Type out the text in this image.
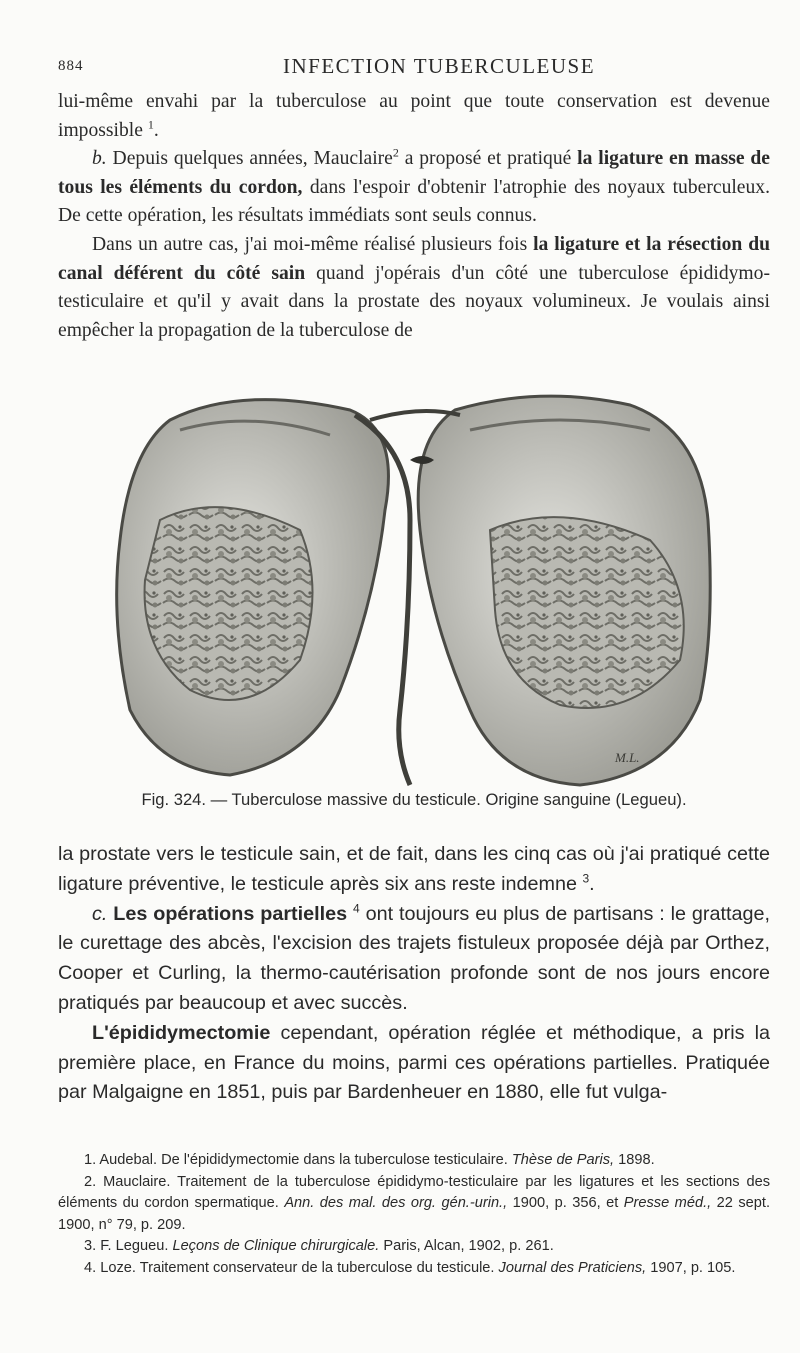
884	INFECTION TUBERCULEUSE

lui-même envahi par la tuberculose au point que toute conservation est devenue impossible $^1$.

b. Depuis quelques années, Mauclaire$^2$ a proposé et pratiqué la ligature en masse de tous les éléments du cordon, dans l'espoir d'obtenir l'atrophie des noyaux tuberculeux. De cette opération, les résultats immédiats sont seuls connus.

Dans un autre cas, j'ai moi-même réalisé plusieurs fois la ligature et la résection du canal déférent du côté sain quand j'opérais d'un côté une tuberculose épididymo-testiculaire et qu'il y avait dans la prostate des noyaux volumineux. Je voulais ainsi empêcher la propagation de la tuberculose de

M.L.
Fig. 324. — Tuberculose massive du testicule. Origine sanguine (Legueu).

la prostate vers le testicule sain, et de fait, dans les cinq cas où j'ai pratiqué cette ligature préventive, le testicule après six ans reste indemne $^3$.

c. Les opérations partielles $^4$ ont toujours eu plus de partisans : le grattage, le curettage des abcès, l'excision des trajets fistuleux proposée déjà par Orthez, Cooper et Curling, la thermo-cautérisation profonde sont de nos jours encore pratiqués par beaucoup et avec succès.

L'épididymectomie cependant, opération réglée et méthodique, a pris la première place, en France du moins, parmi ces opérations partielles. Pratiquée par Malgaigne en 1851, puis par Bardenheuer en 1880, elle fut vulga-

1. Audebal. De l'épididymectomie dans la tuberculose testiculaire. Thèse de Paris, 1898.

2. Mauclaire. Traitement de la tuberculose épididymo-testiculaire par les ligatures et les sections des éléments du cordon spermatique. Ann. des mal. des org. gén.-urin., 1900, p. 356, et Presse méd., 22 sept. 1900, n° 79, p. 209.

3. F. Legueu. Leçons de Clinique chirurgicale. Paris, Alcan, 1902, p. 261.

4. Loze. Traitement conservateur de la tuberculose du testicule. Journal des Praticiens, 1907, p. 105.
